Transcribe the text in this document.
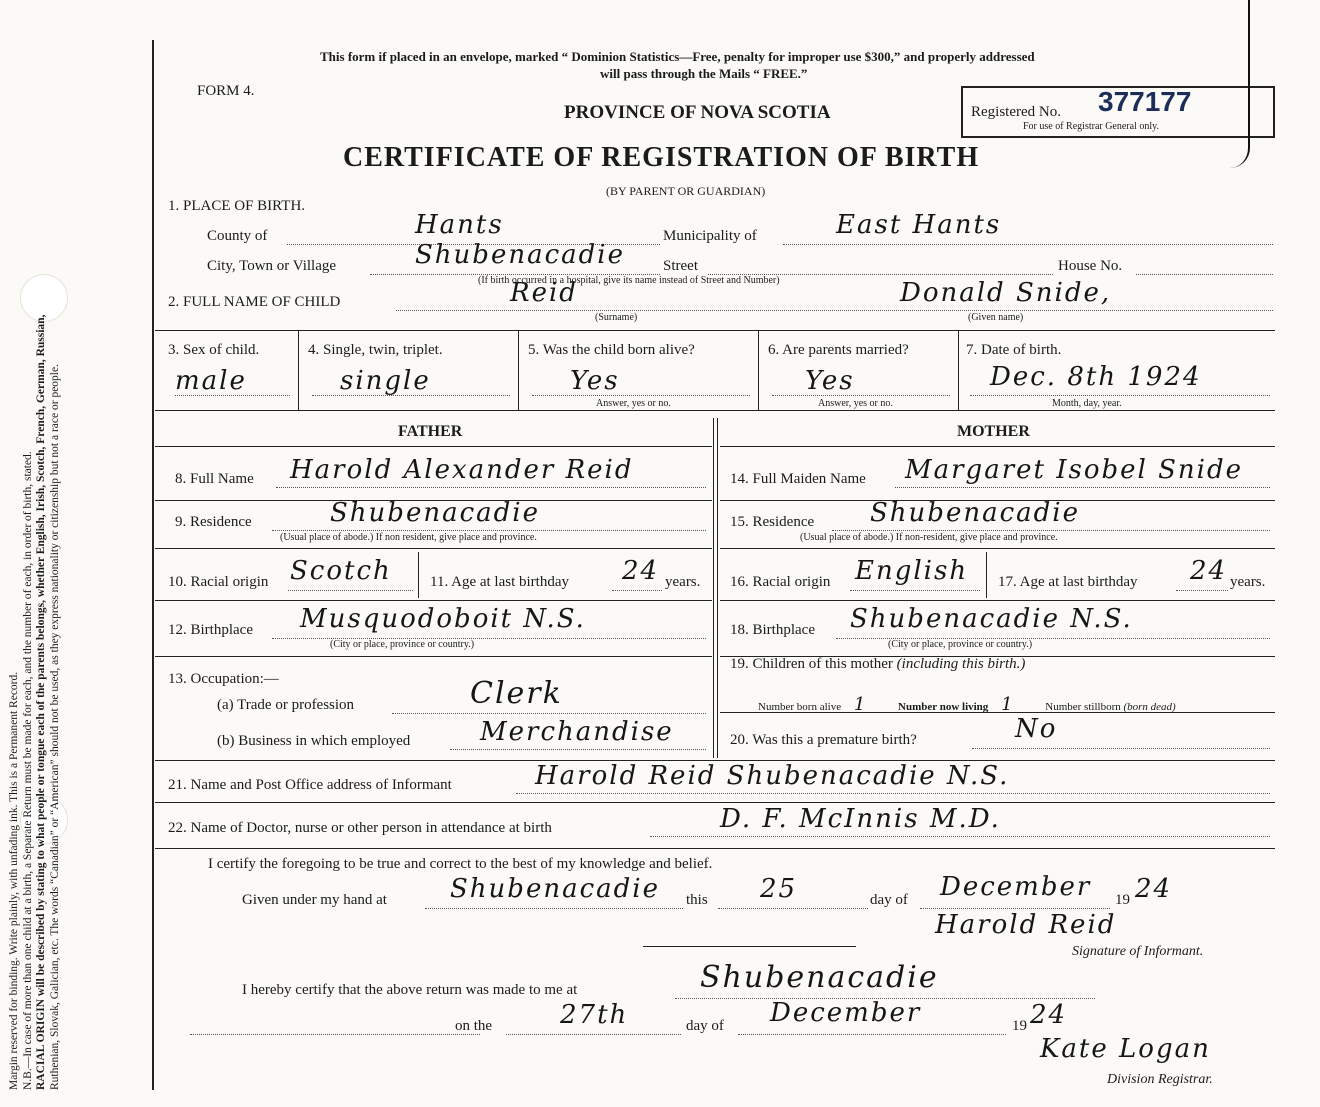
Margin reserved for binding. Write plainly, with unfading ink. This is a Permanent Record. N.B.—In case of more than one child at a birth, a Separate Return must be made for each, and the number of each, in order of birth, stated. RACIAL ORIGIN will be described by stating to what people or tongue each of the parents belongs, whether English, Irish, Scotch, French, German, Russian, Ruthenian, Slovak, Galician, etc. The words “Canadian” or “American” should not be used, as they express nationality or citizenship but not a race or people.
This form if placed in an envelope, marked “ Dominion Statistics—Free, penalty for improper use $300,” and properly addressed
will pass through the Mails “ FREE.”
FORM 4.
PROVINCE OF NOVA SCOTIA	Registered No. 377177
For use of Registrar General only.
CERTIFICATE OF REGISTRATION OF BIRTH
(BY PARENT OR GUARDIAN)
1. PLACE OF BIRTH.
County of	Hants	Municipality of	East Hants
City, Town or Village	Shubenacadie	Street	House No.
(If birth occurred in a hospital, give its name instead of Street and Number)
2. FULL NAME OF CHILD	Reid	Donald Snide,
(Surname)	(Given name)
3. Sex of child.
male
4. Single, twin, triplet.
single
5. Was the child born alive?
Yes
Answer, yes or no.
6. Are parents married?
Yes
Answer, yes or no.
7. Date of birth.
Dec. 8th 1924
Month, day, year.
FATHER	MOTHER
8. Full Name Harold Alexander Reid
9. Residence	Shubenacadie
(Usual place of abode.) If non resident, give place and province.
10. Racial origin Scotch	11. Age at last birthday 24 years.
12. Birthplace Musquodoboit N.S.
(City or place, province or country.)
13. Occupation:—
(a) Trade or profession	Clerk
(b) Business in which employed	Merchandise
14. Full Maiden Name Margaret Isobel Snide
15. Residence Shubenacadie
(Usual place of abode.) If non-resident, give place and province.
16. Racial origin English 17. Age at last birthday 24 years.
18. Birthplace Shubenacadie N.S.
(City or place, province or country.)
19. Children of this mother (including this birth.)
Number born alive 1	Number now living 1	Number stillborn (born dead)
20. Was this a premature birth?	No
21. Name and Post Office address of Informant	Harold Reid Shubenacadie N.S.
22. Name of Doctor, nurse or other person in attendance at birth	D. F. McInnis M.D.
I certify the foregoing to be true and correct to the best of my knowledge and belief.
Given under my hand at Shubenacadie this 25	day of December 19 24
Harold Reid
Signature of Informant.
I hereby certify that the above return was made to me at	Shubenacadie
on the	27th	day of December	19 24
Kate Logan
Division Registrar.
